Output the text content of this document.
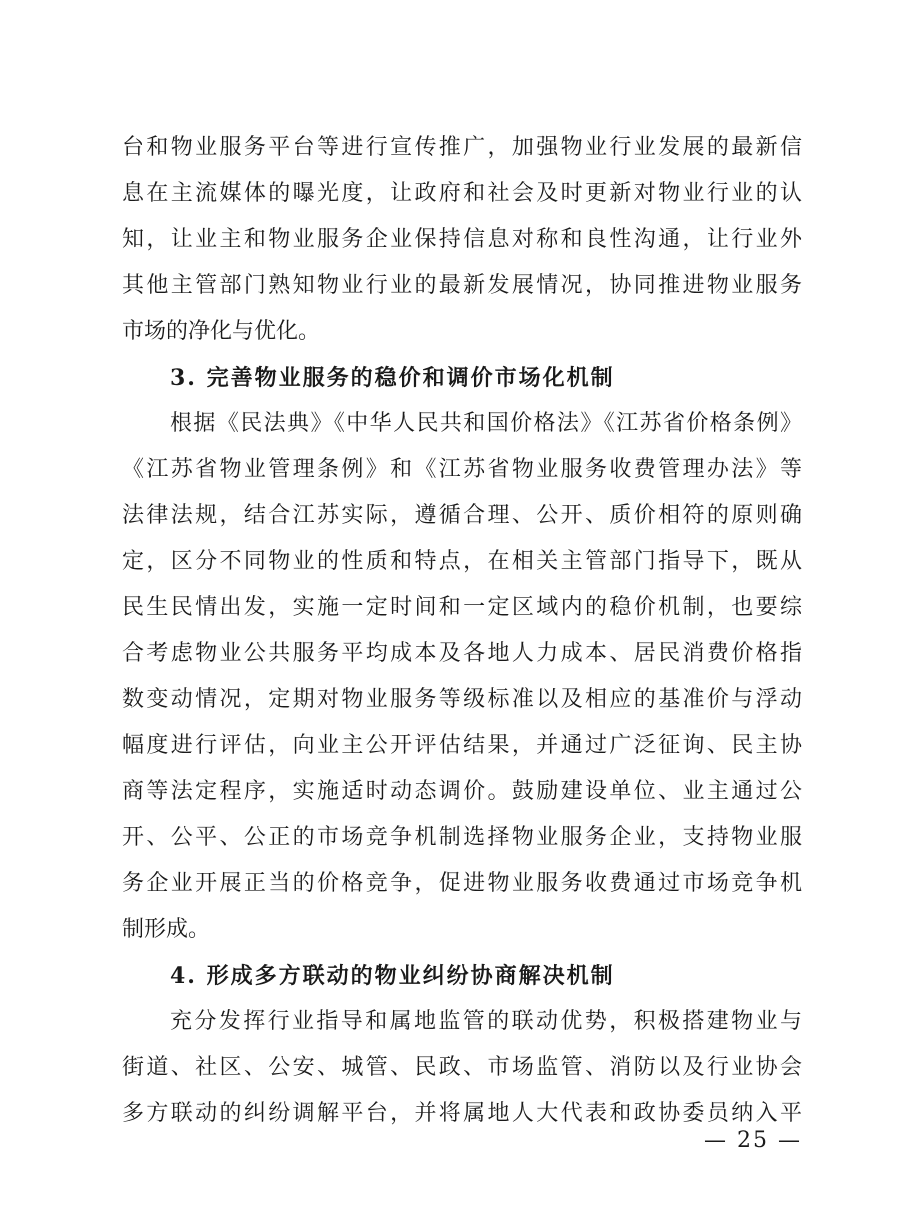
台和物业服务平台等进行宣传推广，加强物业行业发展的最新信
息在主流媒体的曝光度，让政府和社会及时更新对物业行业的认
知，让业主和物业服务企业保持信息对称和良性沟通，让行业外
其他主管部门熟知物业行业的最新发展情况，协同推进物业服务
市场的净化与优化。
3. 完善物业服务的稳价和调价市场化机制
根据《民法典》《中华人民共和国价格法》《江苏省价格条例》
《江苏省物业管理条例》和《江苏省物业服务收费管理办法》等
法律法规，结合江苏实际，遵循合理、公开、质价相符的原则确
定，区分不同物业的性质和特点，在相关主管部门指导下，既从
民生民情出发，实施一定时间和一定区域内的稳价机制，也要综
合考虑物业公共服务平均成本及各地人力成本、居民消费价格指
数变动情况，定期对物业服务等级标准以及相应的基准价与浮动
幅度进行评估，向业主公开评估结果，并通过广泛征询、民主协
商等法定程序，实施适时动态调价。鼓励建设单位、业主通过公
开、公平、公正的市场竞争机制选择物业服务企业，支持物业服
务企业开展正当的价格竞争，促进物业服务收费通过市场竞争机
制形成。
4. 形成多方联动的物业纠纷协商解决机制
充分发挥行业指导和属地监管的联动优势，积极搭建物业与
街道、社区、公安、城管、民政、市场监管、消防以及行业协会
多方联动的纠纷调解平台，并将属地人大代表和政协委员纳入平
— 25 —
